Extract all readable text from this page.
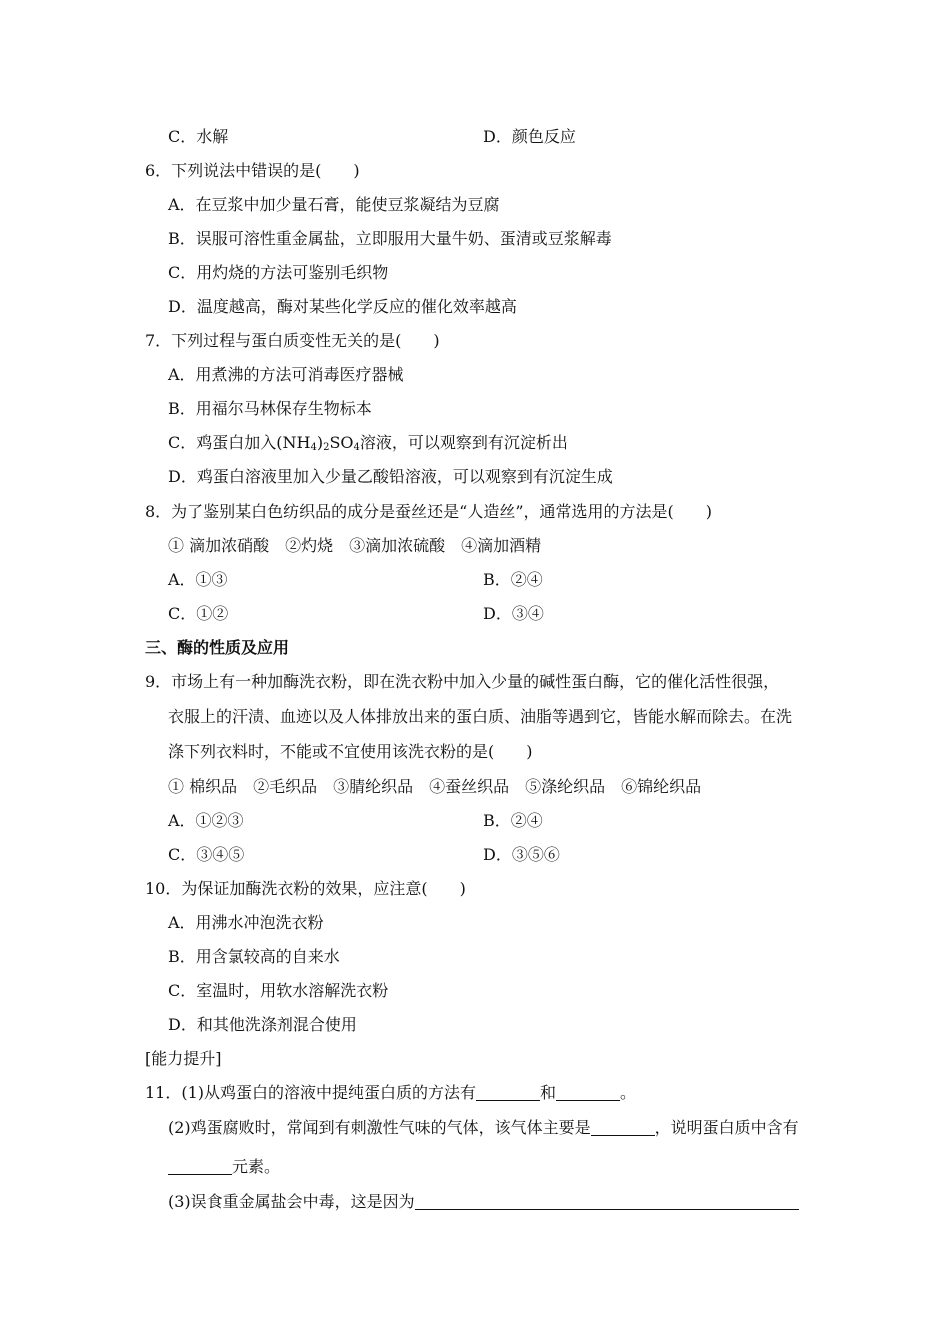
C．水解	D．颜色反应
6．下列说法中错误的是(　　)
A．在豆浆中加少量石膏，能使豆浆凝结为豆腐
B．误服可溶性重金属盐，立即服用大量牛奶、蛋清或豆浆解毒
C．用灼烧的方法可鉴别毛织物
D．温度越高，酶对某些化学反应的催化效率越高
7．下列过程与蛋白质变性无关的是(　　)
A．用煮沸的方法可消毒医疗器械
B．用福尔马林保存生物标本
C．鸡蛋白加入$(NH_4)_2SO_4$溶液，可以观察到有沉淀析出
D．鸡蛋白溶液里加入少量乙酸铅溶液，可以观察到有沉淀生成
8．为了鉴别某白色纺织品的成分是蚕丝还是“人造丝”，通常选用的方法是(　　)
① 滴加浓硝酸　②灼烧　③滴加浓硫酸　④滴加酒精
A．①③	B．②④
C．①②	D．③④
三、酶的性质及应用
9．市场上有一种加酶洗衣粉，即在洗衣粉中加入少量的碱性蛋白酶，它的催化活性很强，
衣服上的汗渍、血迹以及人体排放出来的蛋白质、油脂等遇到它，皆能水解而除去。在洗
涤下列衣料时，不能或不宜使用该洗衣粉的是(　　)
① 棉织品　②毛织品　③腈纶织品　④蚕丝织品　⑤涤纶织品　⑥锦纶织品
A．①②③	B．②④
C．③④⑤	D．③⑤⑥
10．为保证加酶洗衣粉的效果，应注意(　　)
A．用沸水冲泡洗衣粉
B．用含氯较高的自来水
C．室温时，用软水溶解洗衣粉
D．和其他洗涤剂混合使用
[能力提升]
11．(1)从鸡蛋白的溶液中提纯蛋白质的方法有	和	。
(2)鸡蛋腐败时，常闻到有刺激性气味的气体，该气体主要是	，说明蛋白质中含有
元素。
(3)误食重金属盐会中毒，这是因为
